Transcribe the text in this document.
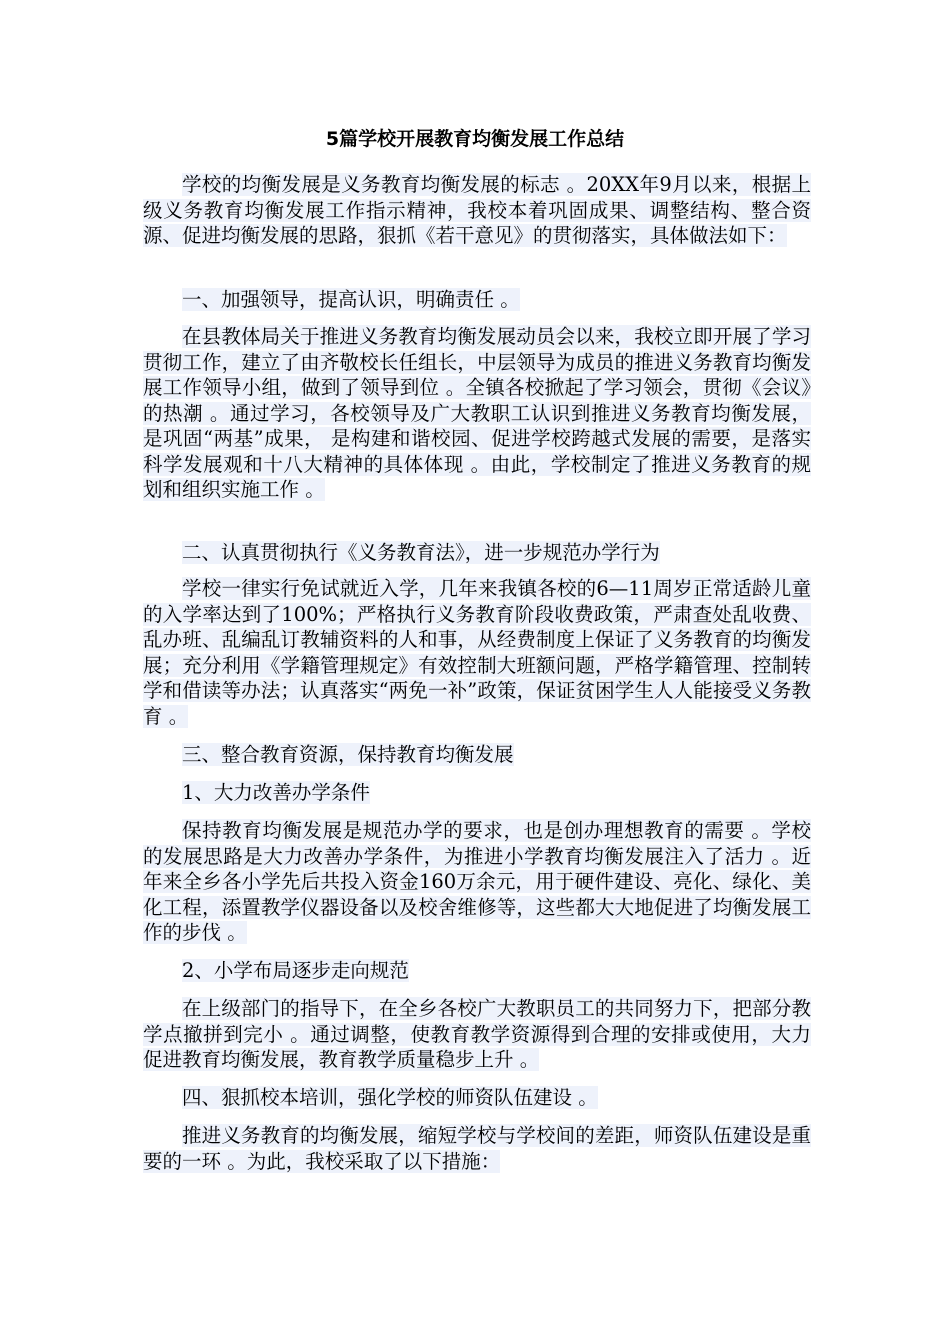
5篇学校开展教育均衡发展工作总结
学校的均衡发展是义务教育均衡发展的标志 。20XX年9月以来，根据上级义务教育均衡发展工作指示精神，我校本着巩固成果、调整结构、整合资源、促进均衡发展的思路，狠抓《若干意见》的贯彻落实，具体做法如下：
一、加强领导，提高认识，明确责任 。
在县教体局关于推进义务教育均衡发展动员会以来，我校立即开展了学习贯彻工作，建立了由齐敬校长任组长，中层领导为成员的推进义务教育均衡发展工作领导小组，做到了领导到位 。全镇各校掀起了学习领会，贯彻《会议》的热潮 。通过学习，各校领导及广大教职工认识到推进义务教育均衡发展，是巩固“两基”成果， 是构建和谐校园、促进学校跨越式发展的需要，是落实科学发展观和十八大精神的具体体现 。由此，学校制定了推进义务教育的规划和组织实施工作 。
二、认真贯彻执行《义务教育法》，进一步规范办学行为
学校一律实行免试就近入学，几年来我镇各校的6—11周岁正常适龄儿童的入学率达到了100%；严格执行义务教育阶段收费政策，严肃查处乱收费、乱办班、乱编乱订教辅资料的人和事，从经费制度上保证了义务教育的均衡发展；充分利用《学籍管理规定》有效控制大班额问题，严格学籍管理、控制转学和借读等办法；认真落实“两免一补”政策，保证贫困学生人人能接受义务教育 。
三、整合教育资源，保持教育均衡发展
1、大力改善办学条件
保持教育均衡发展是规范办学的要求，也是创办理想教育的需要 。学校的发展思路是大力改善办学条件，为推进小学教育均衡发展注入了活力 。近年来全乡各小学先后共投入资金160万余元，用于硬件建设、亮化、绿化、美化工程，添置教学仪器设备以及校舍维修等，这些都大大地促进了均衡发展工作的步伐 。
2、小学布局逐步走向规范
在上级部门的指导下，在全乡各校广大教职员工的共同努力下，把部分教学点撤拼到完小 。通过调整，使教育教学资源得到合理的安排或使用，大力促进教育均衡发展，教育教学质量稳步上升 。
四、狠抓校本培训，强化学校的师资队伍建设 。
推进义务教育的均衡发展，缩短学校与学校间的差距，师资队伍建设是重要的一环 。为此，我校采取了以下措施：
